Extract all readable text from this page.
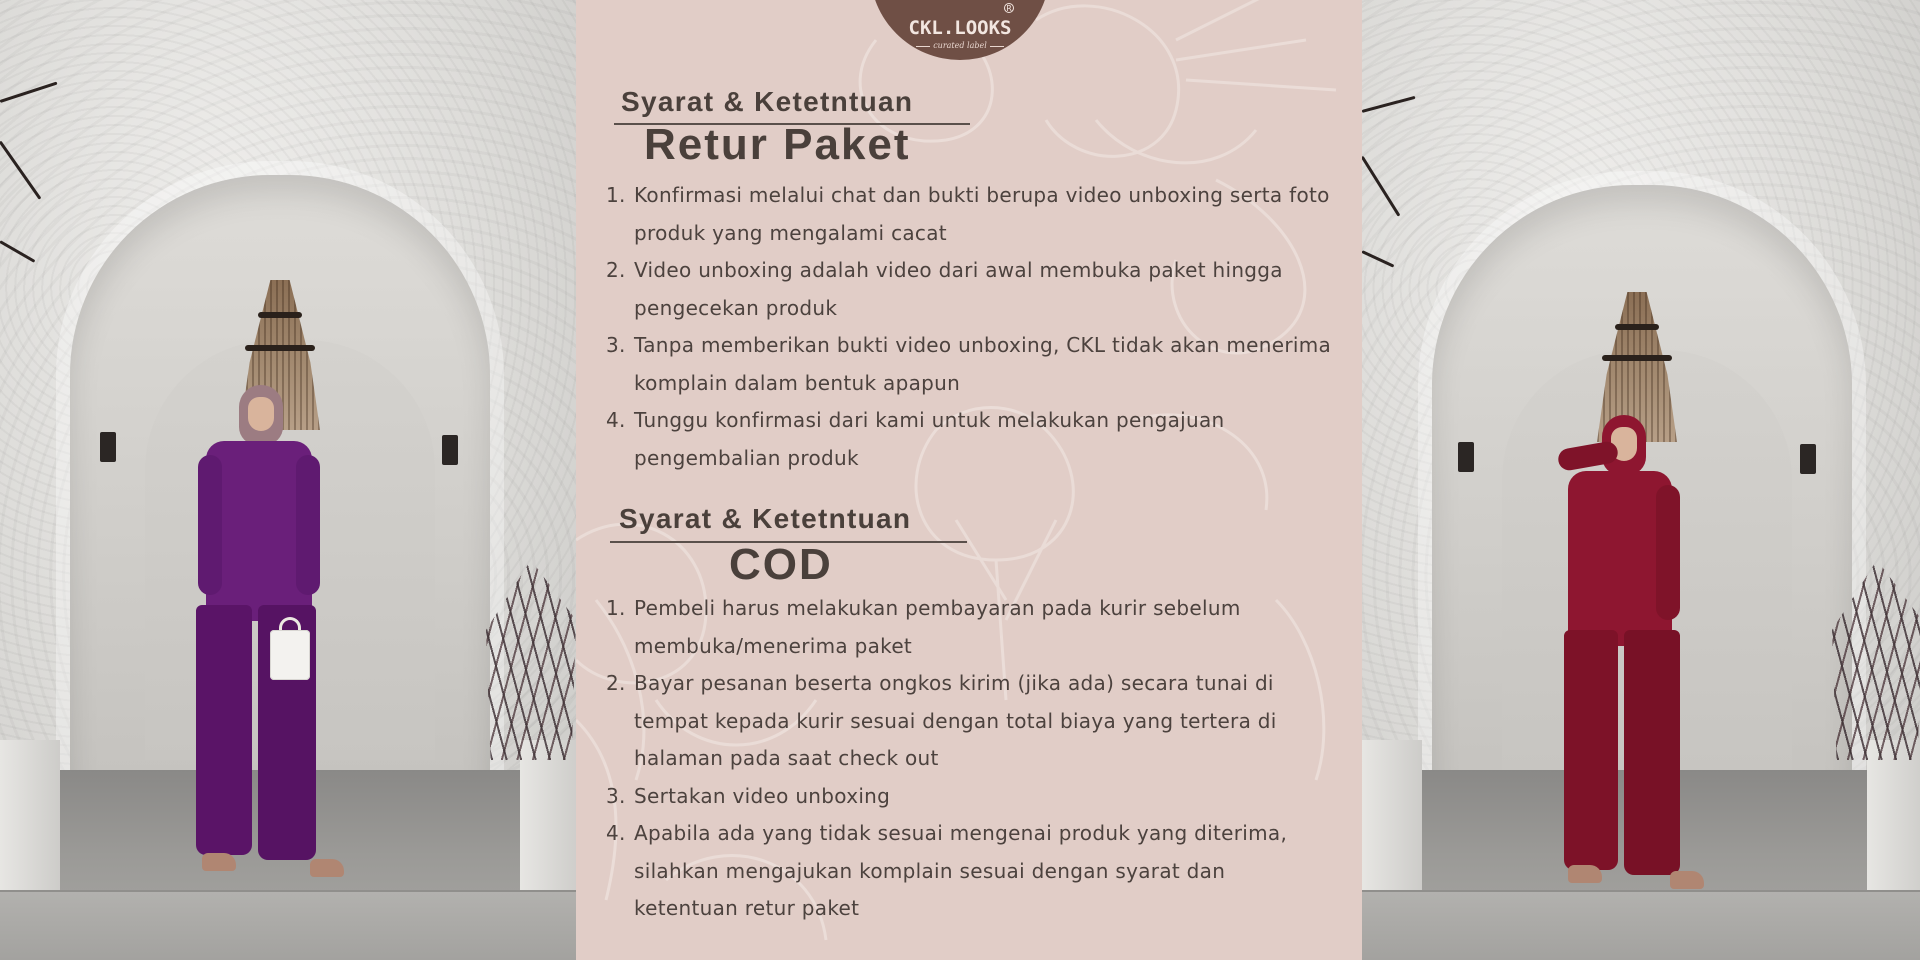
CKL.LOOKS
R
curated label
Syarat & Ketetntuan
Retur Paket
1. Konfirmasi melalui chat dan bukti berupa video unboxing serta foto produk yang mengalami cacat
2. Video unboxing adalah video dari awal membuka paket hingga pengecekan produk
3. Tanpa memberikan bukti video unboxing, CKL tidak akan menerima komplain dalam bentuk apapun
4. Tunggu konfirmasi dari kami untuk melakukan pengajuan pengembalian produk
Syarat & Ketetntuan
COD
1. Pembeli harus melakukan pembayaran pada kurir sebelum membuka/menerima paket
2. Bayar pesanan beserta ongkos kirim (jika ada) secara tunai di tempat kepada kurir sesuai dengan total biaya yang tertera di halaman pada saat check out
3. Sertakan video unboxing
4. Apabila ada yang tidak sesuai mengenai produk yang diterima, silahkan mengajukan komplain sesuai dengan syarat dan ketentuan retur paket
